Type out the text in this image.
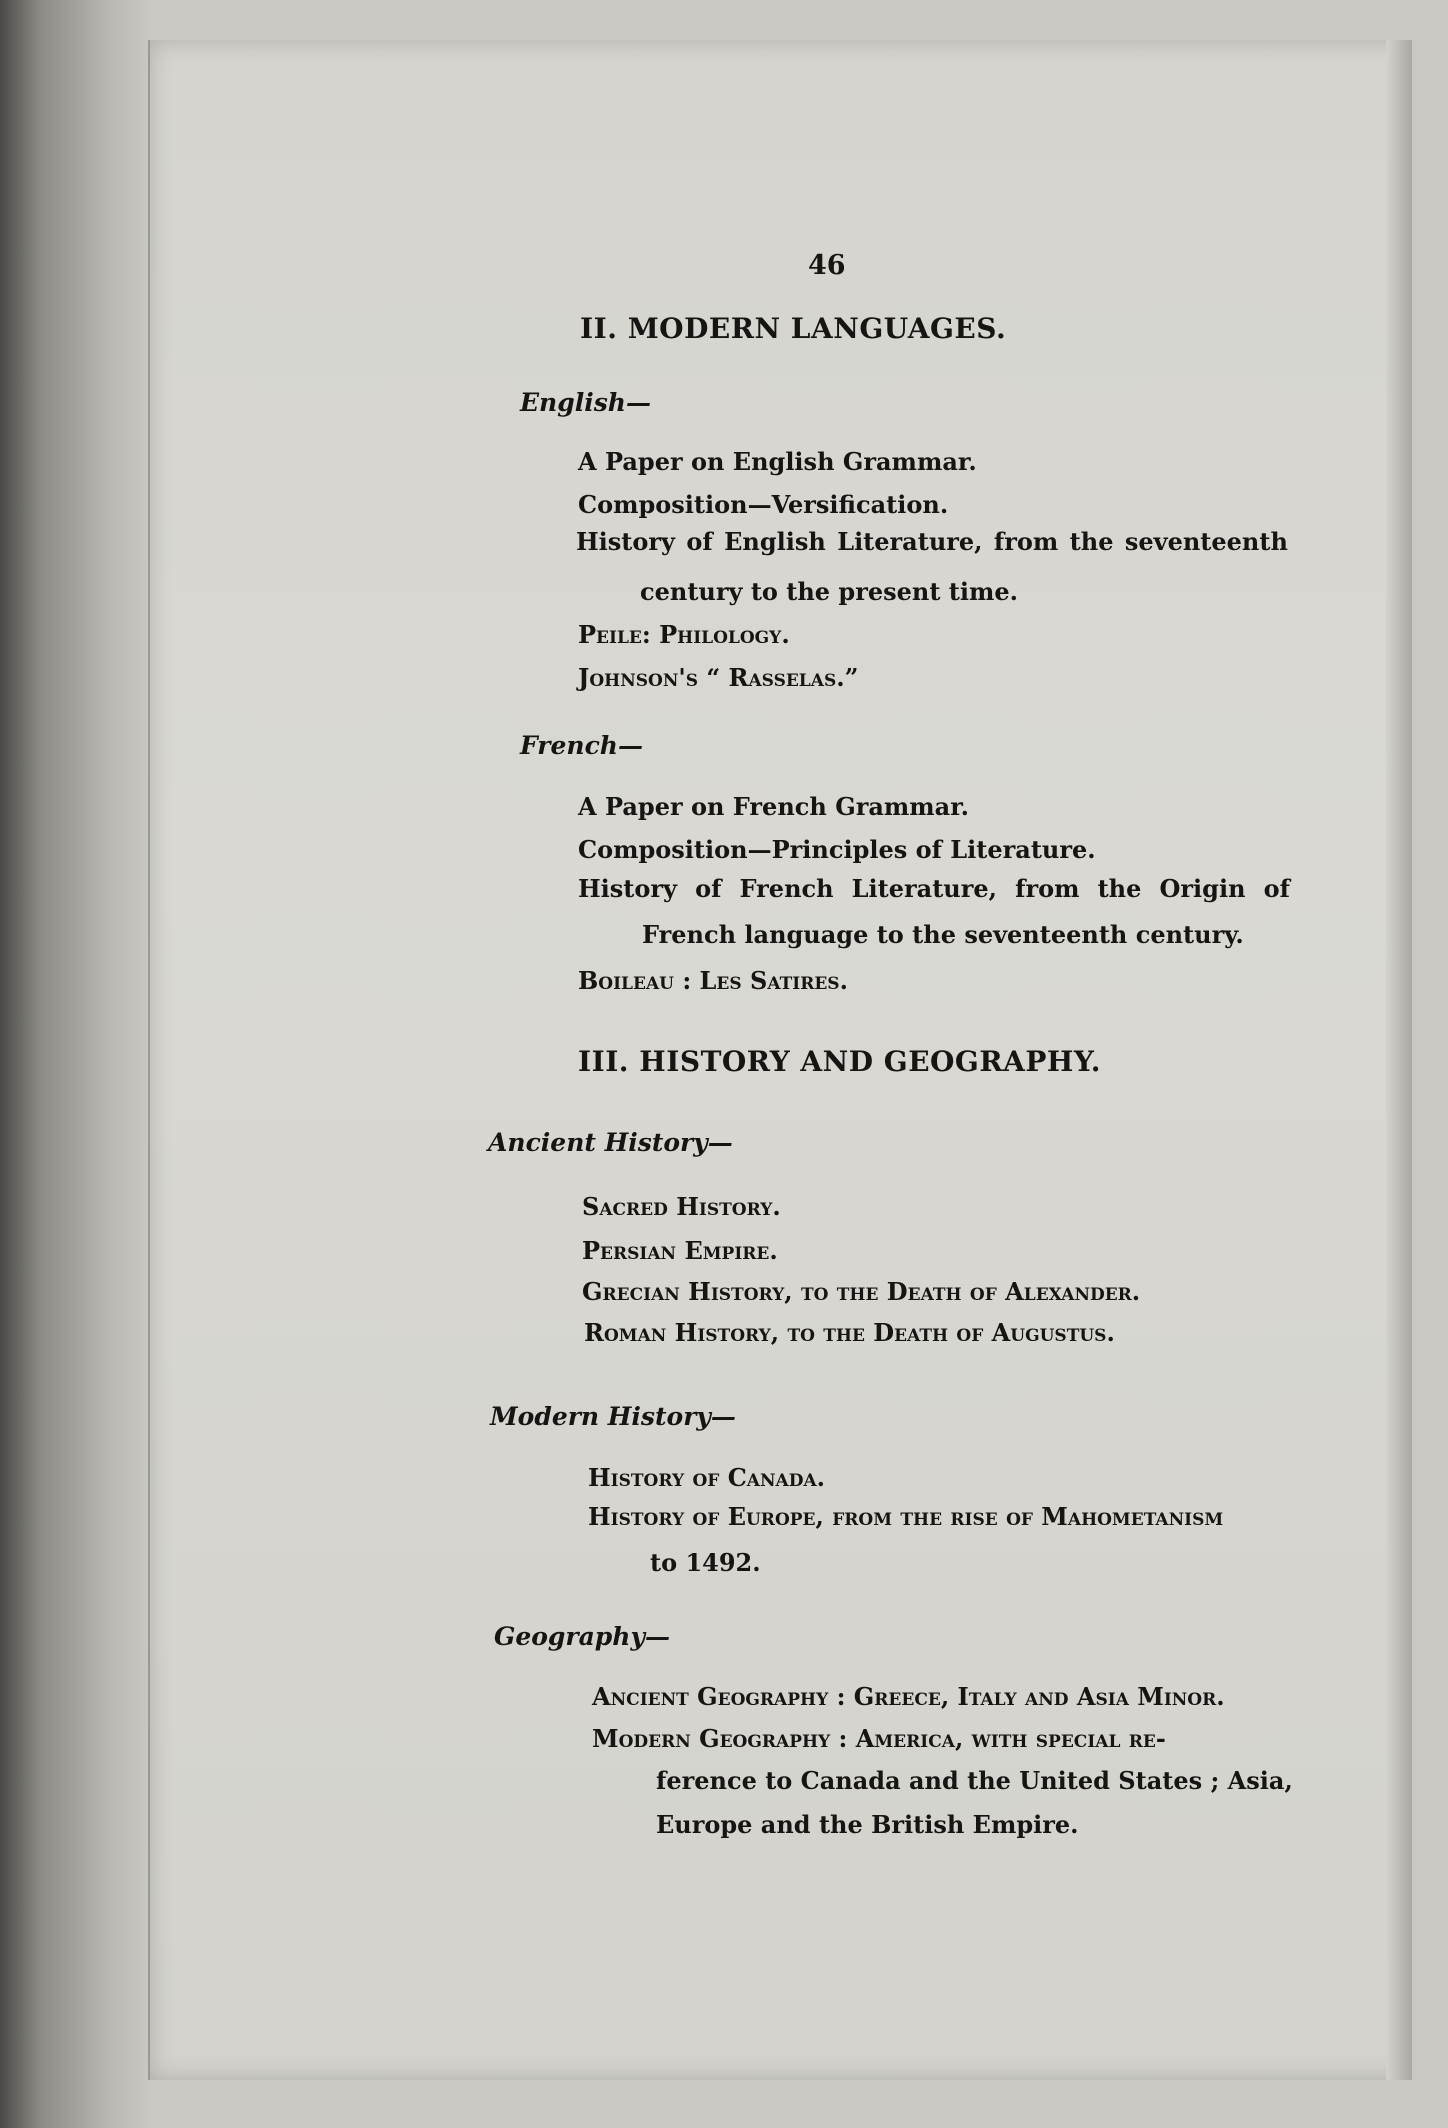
46
II. MODERN LANGUAGES.
English—
A Paper on English Grammar.
Composition—Versification.
History of English Literature, from the seventeenth
century to the present time.
Peile: Philology.
Johnson's “ Rasselas.”
French—
A Paper on French Grammar.
Composition—Principles of Literature.
History of French Literature, from the Origin of
French language to the seventeenth century.
Boileau : Les Satires.
III. HISTORY AND GEOGRAPHY.
Ancient History—
Sacred History.
Persian Empire.
Grecian History, to the Death of Alexander.
Roman History, to the Death of Augustus.
Modern History—
History of Canada.
History of Europe, from the rise of Mahometanism
to 1492.
Geography—
Ancient Geography : Greece, Italy and Asia Minor.
Modern Geography : America, with special re-
ference to Canada and the United States ; Asia,
Europe and the British Empire.
